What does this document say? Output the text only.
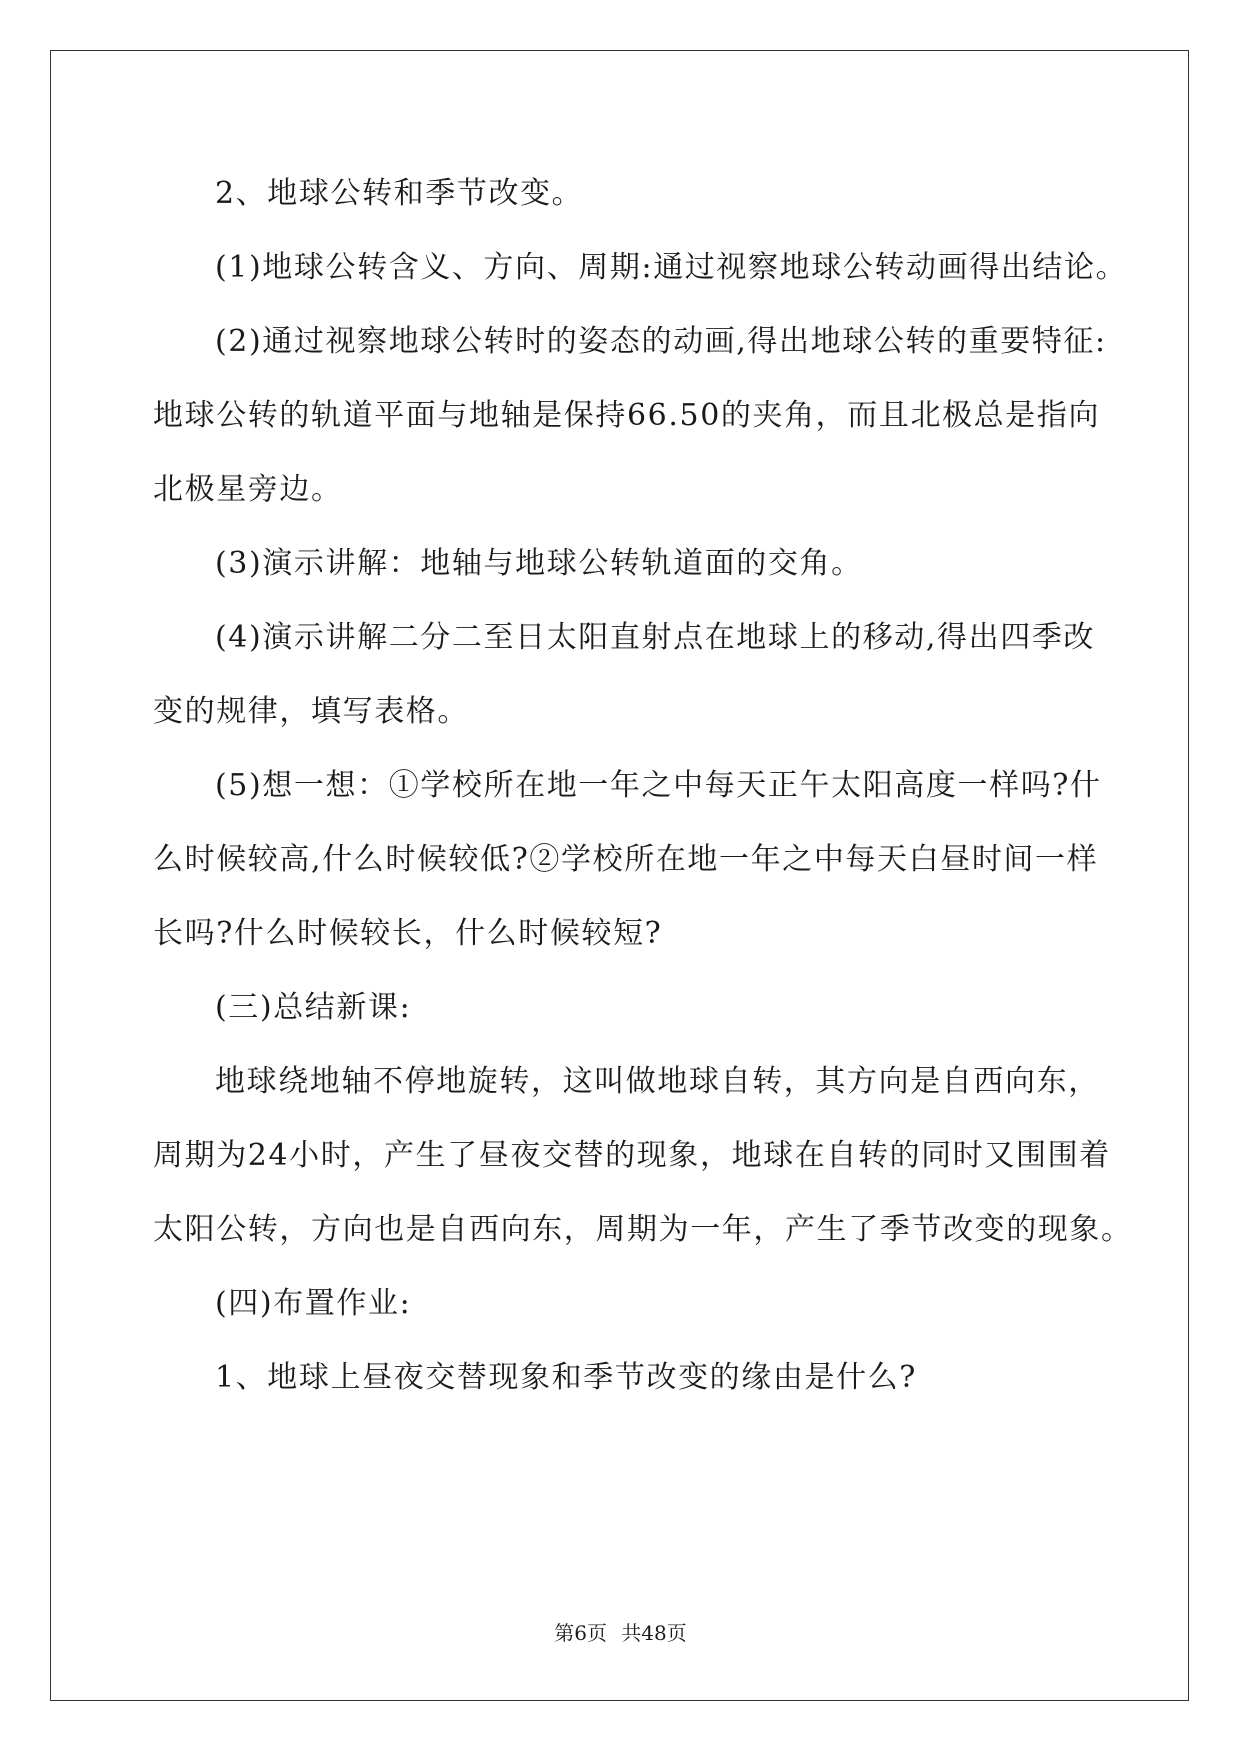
2、地球公转和季节改变。
(1)地球公转含义、方向、周期:通过视察地球公转动画得出结论。
(2)通过视察地球公转时的姿态的动画,得出地球公转的重要特征:
地球公转的轨道平面与地轴是保持66.50的夹角，而且北极总是指向
北极星旁边。
(3)演示讲解：地轴与地球公转轨道面的交角。
(4)演示讲解二分二至日太阳直射点在地球上的移动,得出四季改
变的规律，填写表格。
(5)想一想：①学校所在地一年之中每天正午太阳高度一样吗?什
么时候较高,什么时候较低?②学校所在地一年之中每天白昼时间一样
长吗?什么时候较长，什么时候较短?
(三)总结新课:
地球绕地轴不停地旋转，这叫做地球自转，其方向是自西向东，
周期为24小时，产生了昼夜交替的现象，地球在自转的同时又围围着
太阳公转，方向也是自西向东，周期为一年，产生了季节改变的现象。
(四)布置作业:
1、地球上昼夜交替现象和季节改变的缘由是什么?
第6页 共48页
